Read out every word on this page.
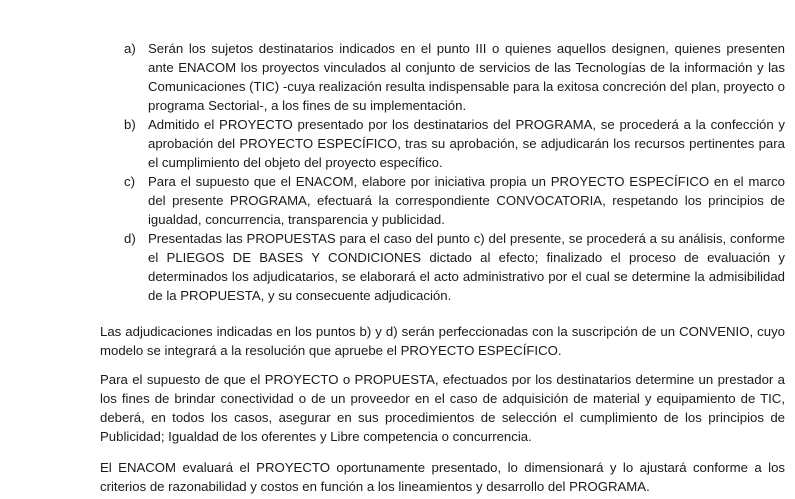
a) Serán los sujetos destinatarios indicados en el punto III o quienes aquellos designen, quienes presenten ante ENACOM los proyectos vinculados al conjunto de servicios de las Tecnologías de la información y las Comunicaciones (TIC) -cuya realización resulta indispensable para la exitosa concreción del plan, proyecto o programa Sectorial-, a los fines de su implementación.
b) Admitido el PROYECTO presentado por los destinatarios del PROGRAMA, se procederá a la confección y aprobación del PROYECTO ESPECÍFICO, tras su aprobación, se adjudicarán los recursos pertinentes para el cumplimiento del objeto del proyecto específico.
c) Para el supuesto que el ENACOM, elabore por iniciativa propia un PROYECTO ESPECÍFICO en el marco del presente PROGRAMA, efectuará la correspondiente CONVOCATORIA, respetando los principios de igualdad, concurrencia, transparencia y publicidad.
d) Presentadas las PROPUESTAS para el caso del punto c) del presente, se procederá a su análisis, conforme el PLIEGOS DE BASES Y CONDICIONES dictado al efecto; finalizado el proceso de evaluación y determinados los adjudicatarios, se elaborará el acto administrativo por el cual se determine la admisibilidad de la PROPUESTA, y su consecuente adjudicación.

Las adjudicaciones indicadas en los puntos b) y d) serán perfeccionadas con la suscripción de un CONVENIO, cuyo modelo se integrará a la resolución que apruebe el PROYECTO ESPECÍFICO.

Para el supuesto de que el PROYECTO o PROPUESTA, efectuados por los destinatarios determine un prestador a los fines de brindar conectividad o de un proveedor en el caso de adquisición de material y equipamiento de TIC, deberá, en todos los casos, asegurar en sus procedimientos de selección el cumplimiento de los principios de Publicidad; Igualdad de los oferentes y Libre competencia o concurrencia.

El ENACOM evaluará el PROYECTO oportunamente presentado, lo dimensionará y lo ajustará conforme a los criterios de razonabilidad y costos en función a los lineamientos y desarrollo del PROGRAMA.
